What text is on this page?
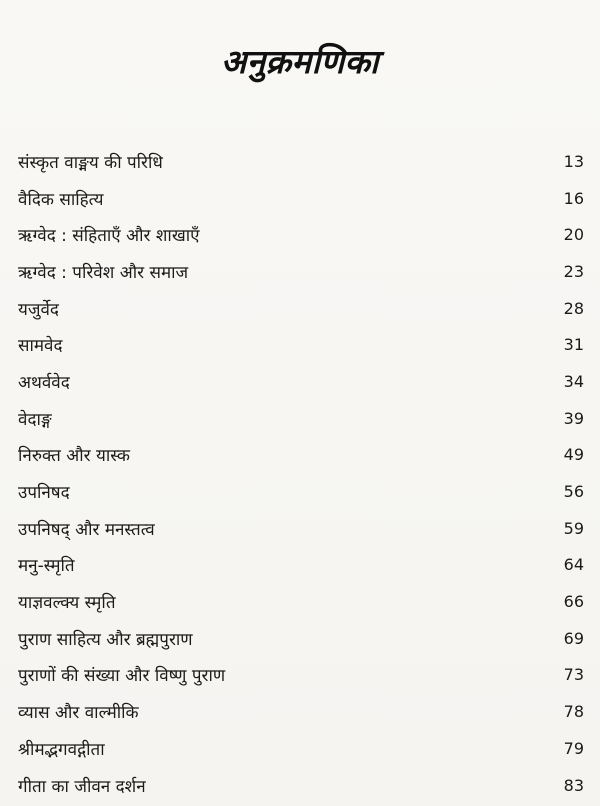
अनुक्रमणिका
संस्कृत वाङ्मय की परिधि	13
वैदिक साहित्य	16
ऋग्वेद : संहिताएँ और शाखाएँ	20
ऋग्वेद : परिवेश और समाज	23
यजुर्वेद	28
सामवेद	31
अथर्ववेद	34
वेदाङ्ग	39
निरुक्त और यास्क	49
उपनिषद	56
उपनिषद् और मनस्तत्व	59
मनु-स्मृति	64
याज्ञवल्क्य स्मृति	66
पुराण साहित्य और ब्रह्मपुराण	69
पुराणों की संख्या और विष्णु पुराण	73
व्यास और वाल्मीकि	78
श्रीमद्भगवद्गीता	79
गीता का जीवन दर्शन	83
